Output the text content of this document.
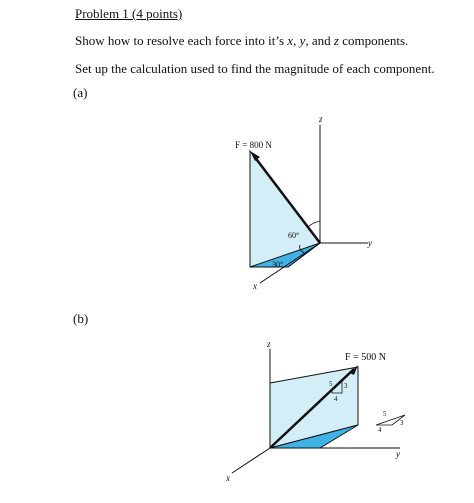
Problem 1 (4 points)
Show how to resolve each force into it’s x, y, and z components.
Set up the calculation used to find the magnitude of each component.
(a)
F = 800 N
60°
30°
z
y
x
(b)
5 3
4
5
3
4
F = 500 N
z
y
x
